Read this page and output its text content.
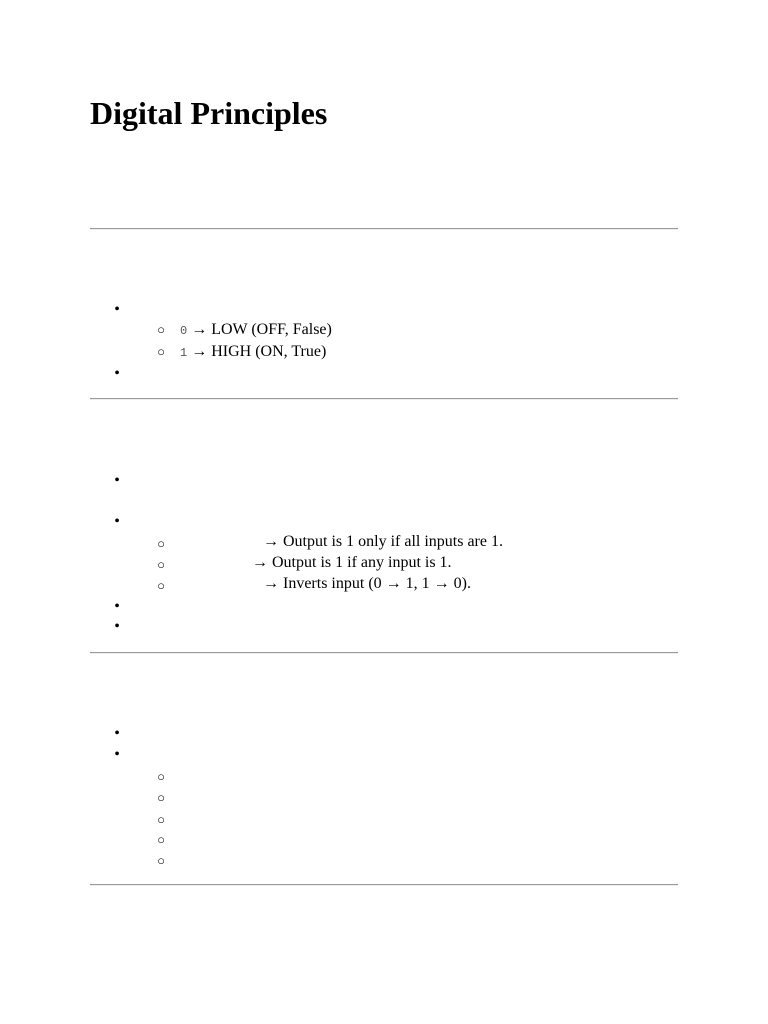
Digital Principles
•
○ 0 → LOW (OFF, False)
○ 1 → HIGH (ON, True)
•
•
•
○	→ Output is 1 only if all inputs are 1.
○	→ Output is 1 if any input is 1.
○	→ Inverts input (0 → 1, 1 → 0).
•
•
•
•
○
○
○
○
○
